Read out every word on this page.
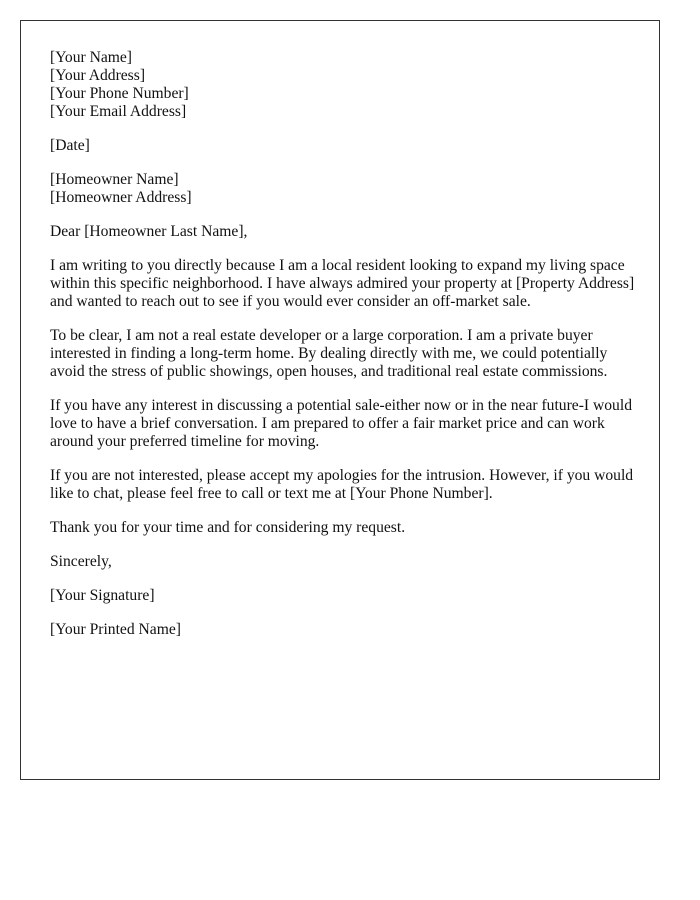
[Your Name]
[Your Address]
[Your Phone Number]
[Your Email Address]
[Date]
[Homeowner Name]
[Homeowner Address]

Dear [Homeowner Last Name],

I am writing to you directly because I am a local resident looking to expand my living space within this specific neighborhood. I have always admired your property at [Property Address] and wanted to reach out to see if you would ever consider an off-market sale.

To be clear, I am not a real estate developer or a large corporation. I am a private buyer interested in finding a long-term home. By dealing directly with me, we could potentially avoid the stress of public showings, open houses, and traditional real estate commissions.

If you have any interest in discussing a potential sale-either now or in the near future-I would love to have a brief conversation. I am prepared to offer a fair market price and can work around your preferred timeline for moving.

If you are not interested, please accept my apologies for the intrusion. However, if you would like to chat, please feel free to call or text me at [Your Phone Number].

Thank you for your time and for considering my request.

Sincerely,

[Your Signature]

[Your Printed Name]
